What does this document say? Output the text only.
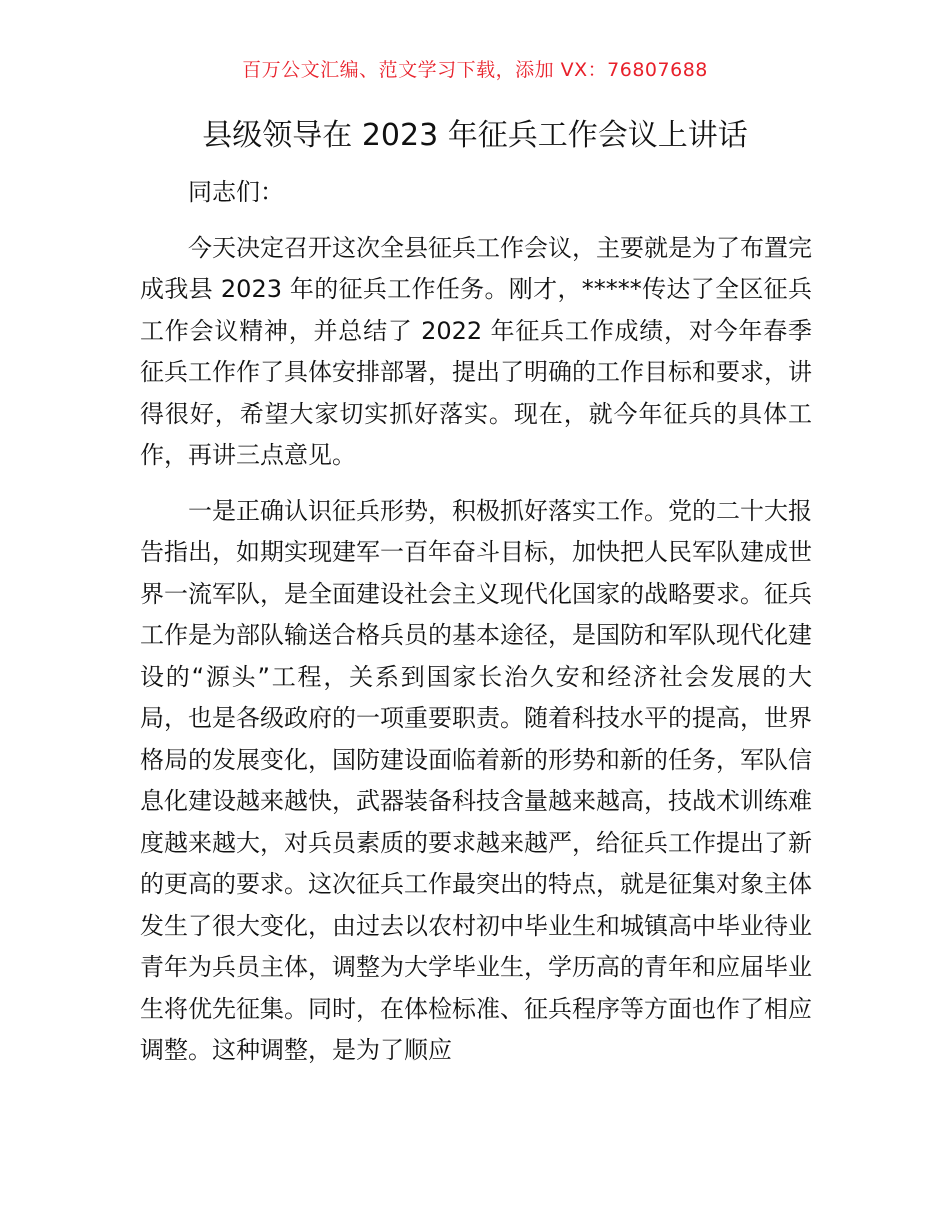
百万公文汇编、范文学习下载，添加 VX：76807688
县级领导在 2023 年征兵工作会议上讲话

同志们：

今天决定召开这次全县征兵工作会议，主要就是为了布置完成我县 2023 年的征兵工作任务。刚才，*****传达了全区征兵工作会议精神，并总结了 2022 年征兵工作成绩，对今年春季征兵工作作了具体安排部署，提出了明确的工作目标和要求，讲得很好，希望大家切实抓好落实。现在，就今年征兵的具体工作，再讲三点意见。

一是正确认识征兵形势，积极抓好落实工作。党的二十大报告指出，如期实现建军一百年奋斗目标，加快把人民军队建成世界一流军队，是全面建设社会主义现代化国家的战略要求。征兵工作是为部队输送合格兵员的基本途径，是国防和军队现代化建设的“源头”工程，关系到国家长治久安和经济社会发展的大局，也是各级政府的一项重要职责。随着科技水平的提高，世界格局的发展变化，国防建设面临着新的形势和新的任务，军队信息化建设越来越快，武器装备科技含量越来越高，技战术训练难度越来越大，对兵员素质的要求越来越严，给征兵工作提出了新的更高的要求。这次征兵工作最突出的特点，就是征集对象主体发生了很大变化，由过去以农村初中毕业生和城镇高中毕业待业青年为兵员主体，调整为大学毕业生，学历高的青年和应届毕业生将优先征集。同时，在体检标准、征兵程序等方面也作了相应调整。这种调整，是为了顺应
